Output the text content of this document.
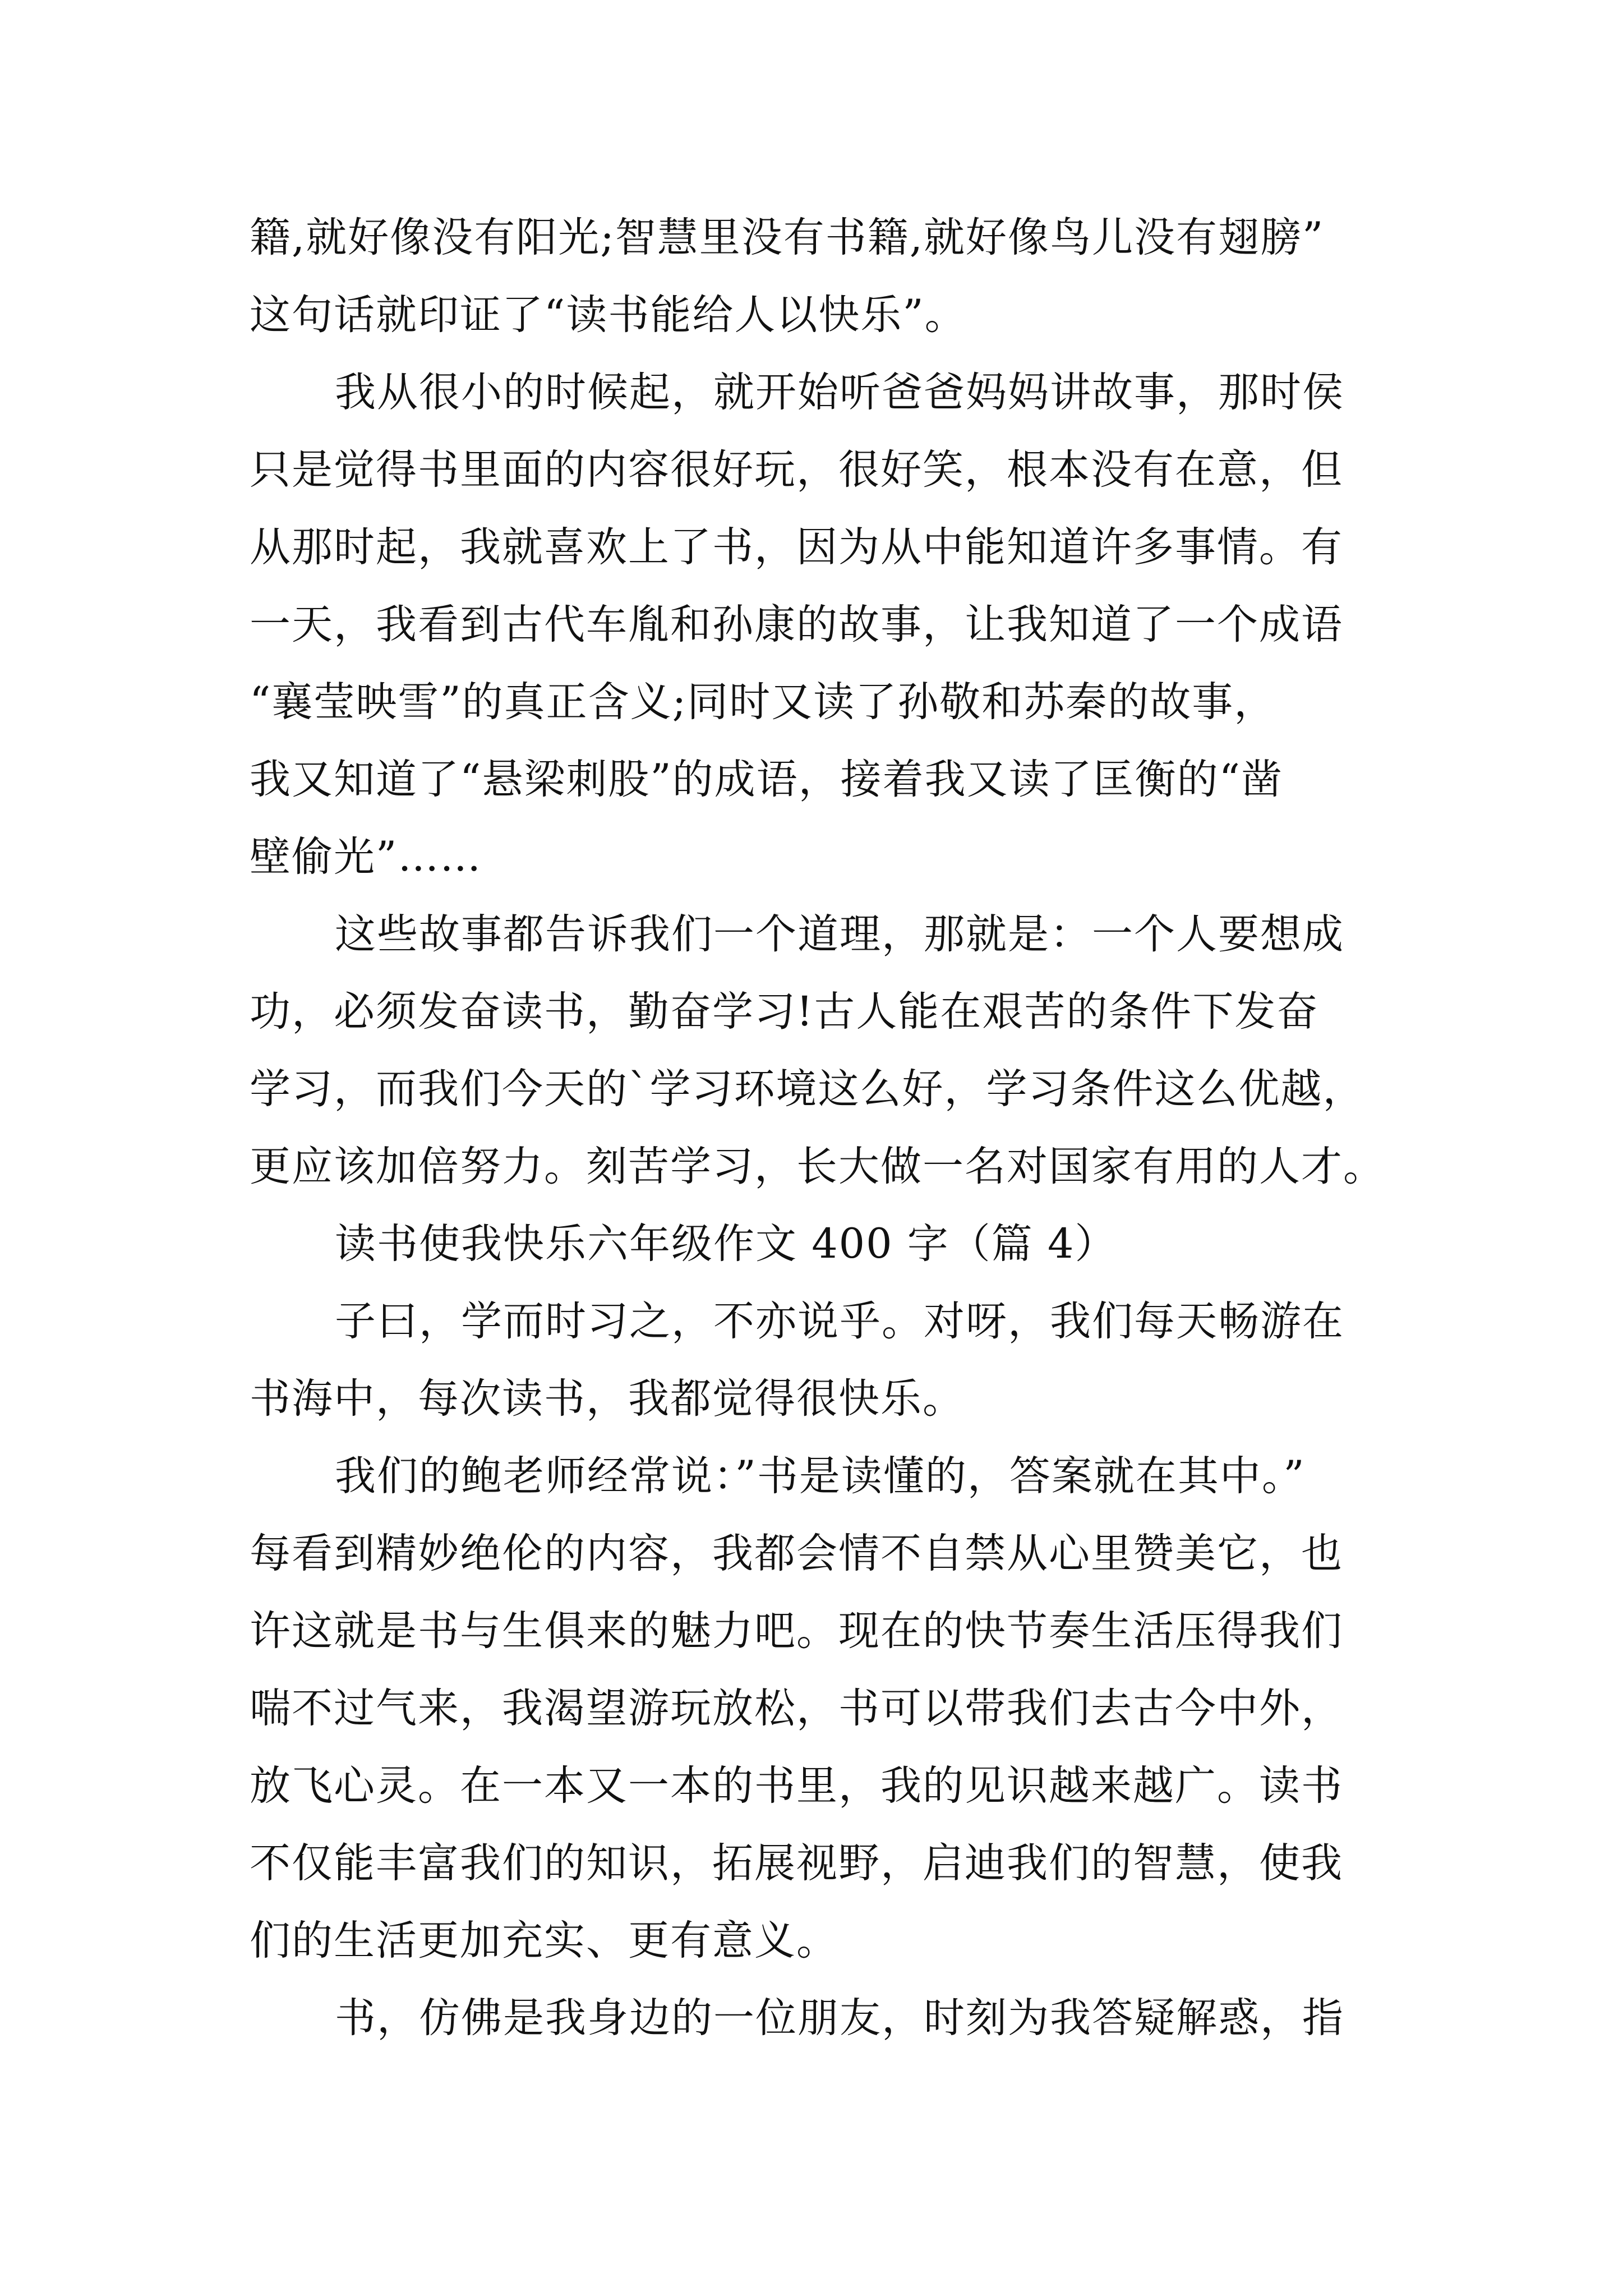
籍,就好像没有阳光;智慧里没有书籍,就好像鸟儿没有翅膀”
这句话就印证了“读书能给人以快乐”。
我从很小的时候起，就开始听爸爸妈妈讲故事，那时侯
只是觉得书里面的内容很好玩，很好笑，根本没有在意，但
从那时起，我就喜欢上了书，因为从中能知道许多事情。有
一天，我看到古代车胤和孙康的故事，让我知道了一个成语
“襄莹映雪”的真正含义;同时又读了孙敬和苏秦的故事，
我又知道了“悬梁刺股”的成语，接着我又读了匡衡的“凿
壁偷光”……
这些故事都告诉我们一个道理，那就是：一个人要想成
功，必须发奋读书，勤奋学习!古人能在艰苦的条件下发奋
学习，而我们今天的`学习环境这么好，学习条件这么优越，
更应该加倍努力。刻苦学习，长大做一名对国家有用的人才。
读书使我快乐六年级作文 400 字（篇 4）
子曰，学而时习之，不亦说乎。对呀，我们每天畅游在
书海中，每次读书，我都觉得很快乐。
我们的鲍老师经常说：”书是读懂的，答案就在其中。”
每看到精妙绝伦的内容，我都会情不自禁从心里赞美它，也
许这就是书与生俱来的魅力吧。现在的快节奏生活压得我们
喘不过气来，我渴望游玩放松，书可以带我们去古今中外，
放飞心灵。在一本又一本的书里，我的见识越来越广。读书
不仅能丰富我们的知识，拓展视野，启迪我们的智慧，使我
们的生活更加充实、更有意义。
书，仿佛是我身边的一位朋友，时刻为我答疑解惑，指
